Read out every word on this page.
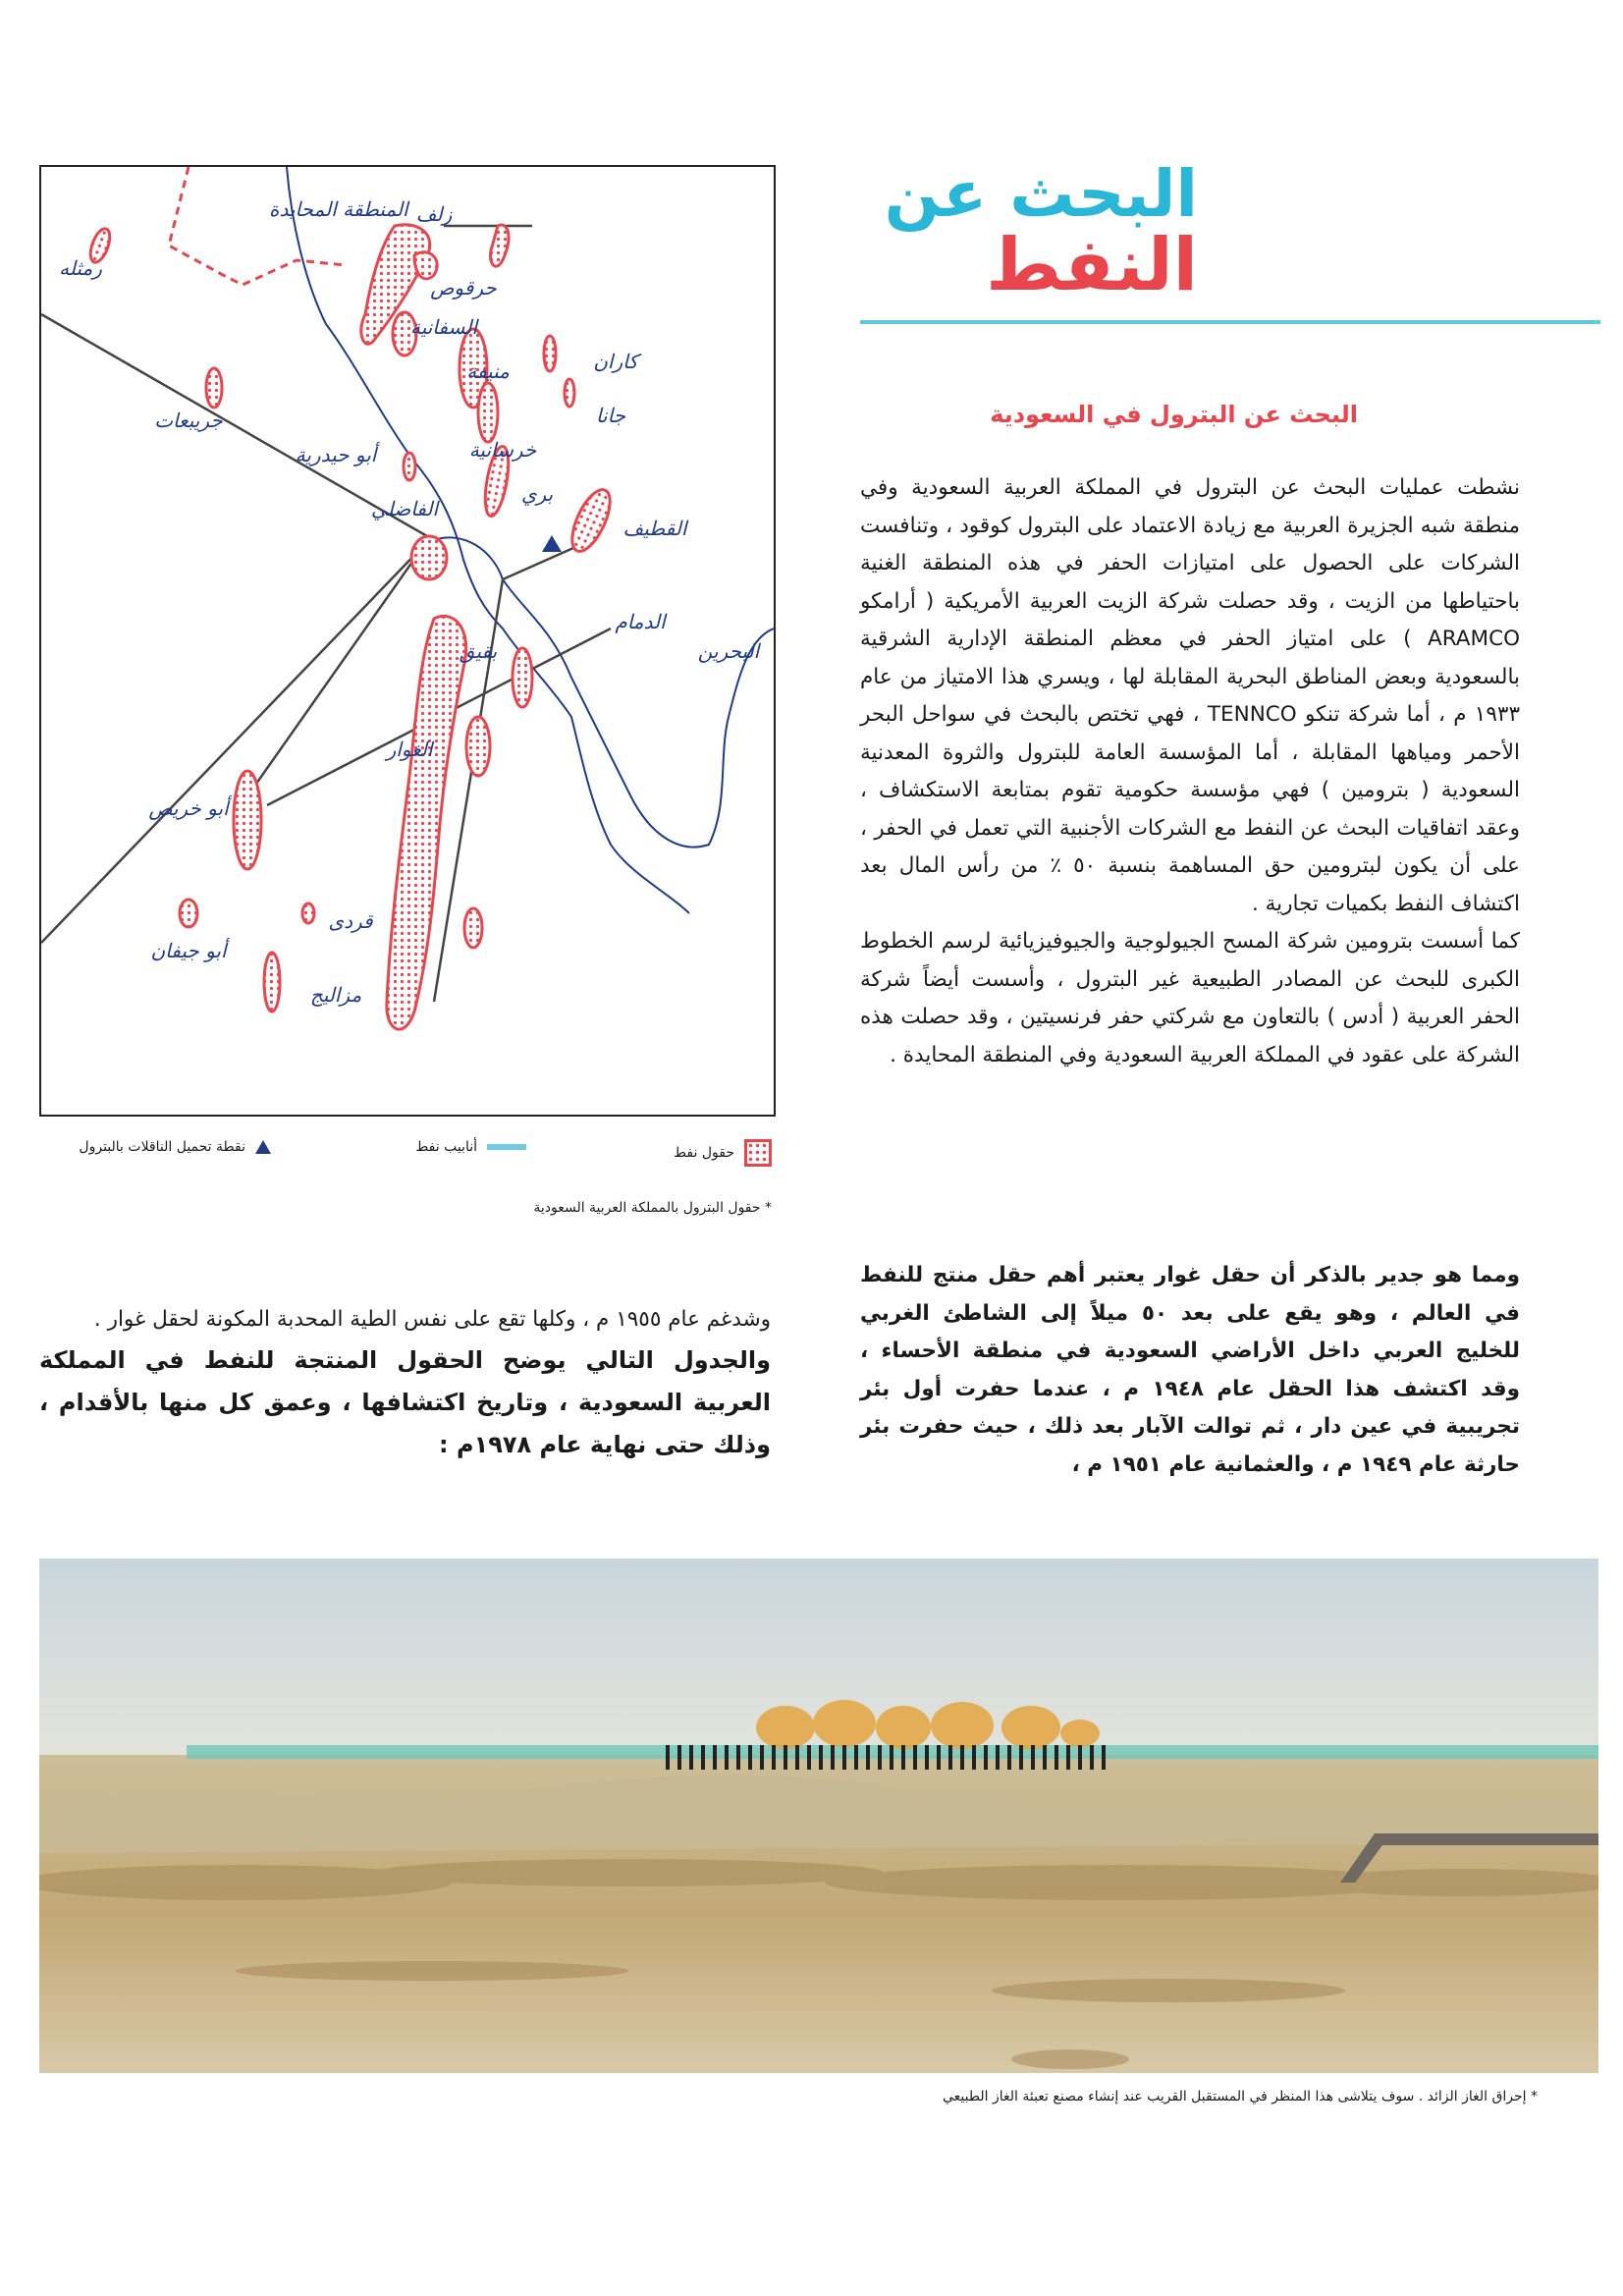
البحث عن
النفط
البحث عن البترول في السعودية

نشطت عمليات البحث عن البترول في المملكة العربية السعودية وفي منطقة شبه الجزيرة العربية مع زيادة الاعتماد على البترول كوقود ، وتنافست الشركات على الحصول على امتيازات الحفر في هذه المنطقة الغنية باحتياطها من الزيت ، وقد حصلت شركة الزيت العربية الأمريكية ( أرامكو ARAMCO ) على امتياز الحفر في معظم المنطقة الإدارية الشرقية بالسعودية وبعض المناطق البحرية المقابلة لها ، ويسري هذا الامتياز من عام ١٩٣٣ م ، أما شركة تنكو TENNCO ، فهي تختص بالبحث في سواحل البحر الأحمر ومياهها المقابلة ، أما المؤسسة العامة للبترول والثروة المعدنية السعودية ( بترومين ) فهي مؤسسة حكومية تقوم بمتابعة الاستكشاف ، وعقد اتفاقيات البحث عن النفط مع الشركات الأجنبية التي تعمل في الحفر ، على أن يكون لبترومين حق المساهمة بنسبة ٥٠ ٪ من رأس المال بعد اكتشاف النفط بكميات تجارية .

كما أسست بترومين شركة المسح الجيولوجية والجيوفيزيائية لرسم الخطوط الكبرى للبحث عن المصادر الطبيعية غير البترول ، وأسست أيضاً شركة الحفر العربية ( أدس ) بالتعاون مع شركتي حفر فرنسيتين ، وقد حصلت هذه الشركة على عقود في المملكة العربية السعودية وفي المنطقة المحايدة .

ومما هو جدير بالذكر أن حقل غوار يعتبر أهم حقل منتج للنفط في العالم ، وهو يقع على بعد ٥٠ ميلاً إلى الشاطئ الغربي للخليج العربي داخل الأراضي السعودية في منطقة الأحساء ، وقد اكتشف هذا الحقل عام ١٩٤٨ م ، عندما حفرت أول بئر تجريبية في عين دار ، ثم توالت الآبار بعد ذلك ، حيث حفرت بئر حارثة عام ١٩٤٩ م ، والعثمانية عام ١٩٥١ م ،

المنطقة المحايدة
رمثله
زلف
حرقوص
السفانية
منيفة	كاران
جانا
خرسانية
بري
القطيف
جريبعات
أبو حيدرية
الفاضلي
الدمام
البحرين
بقيق
الغوار
أبو خريص
قردى
أبو جيفان
مزاليج
حقول نفط
أنابيب نفط
نقطة تحميل الناقلات بالبترول
* حقول البترول بالمملكة العربية السعودية

وشدغم عام ١٩٥٥ م ، وكلها تقع على نفس الطية المحدبة المكونة لحقل غوار .

والجدول التالي يوضح الحقول المنتجة للنفط في المملكة العربية السعودية ، وتاريخ اكتشافها ، وعمق كل منها بالأقدام ، وذلك حتى نهاية عام ١٩٧٨م :

* إحراق الغاز الزائد . سوف يتلاشى هذا المنظر في المستقبل القريب عند إنشاء مصنع تعبئة الغاز الطبيعي
